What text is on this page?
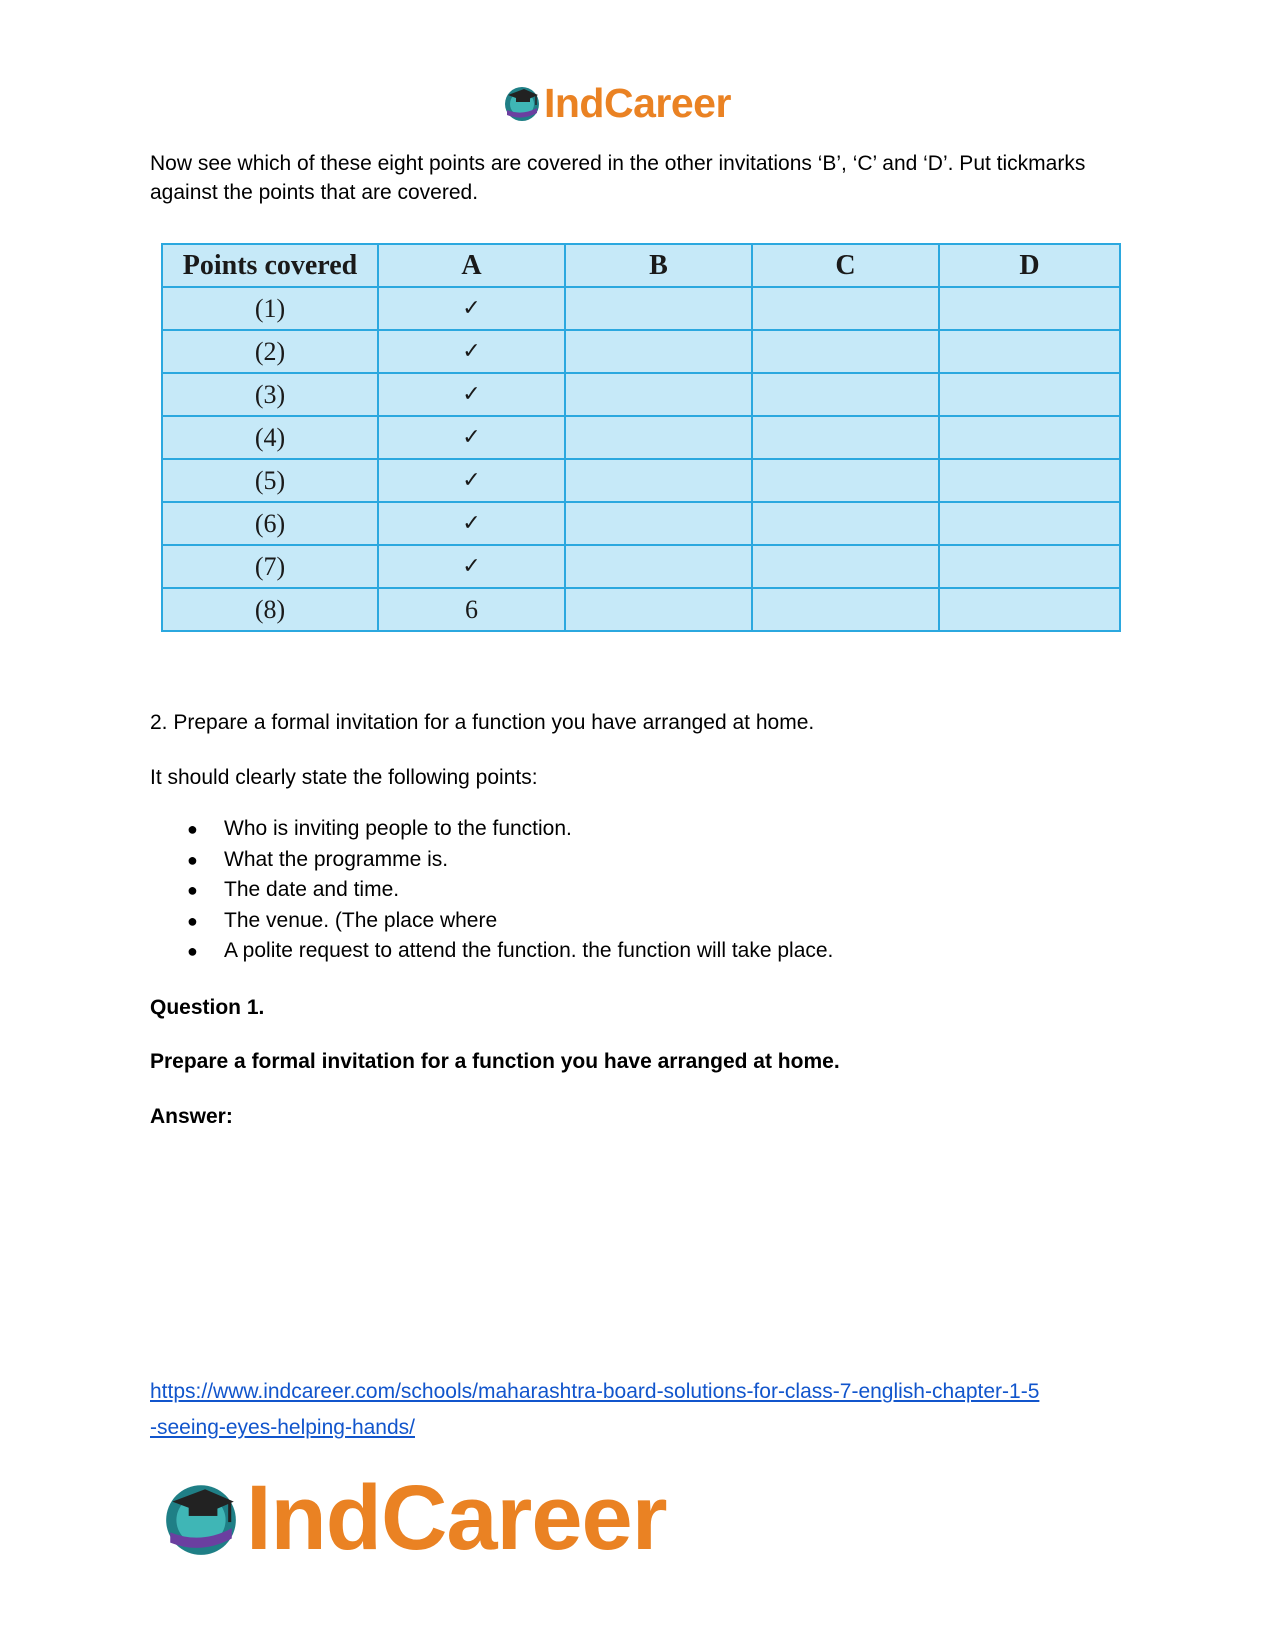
IndCareer

Now see which of these eight points are covered in the other invitations ‘B’, ‘C’ and ‘D’. Put tickmarks against the points that are covered.

Points covered	A	B	C	D
(1)	✓			
(2)	✓			
(3)	✓			
(4)	✓			
(5)	✓			
(6)	✓			
(7)	✓			
(8)	6			

2. Prepare a formal invitation for a function you have arranged at home.

It should clearly state the following points:

● Who is inviting people to the function.
● What the programme is.
● The date and time.
● The venue. (The place where
● A polite request to attend the function. the function will take place.

Question 1.

Prepare a formal invitation for a function you have arranged at home.

Answer:

https://www.indcareer.com/schools/maharashtra-board-solutions-for-class-7-english-chapter-1-5
-seeing-eyes-helping-hands/
IndCareer
